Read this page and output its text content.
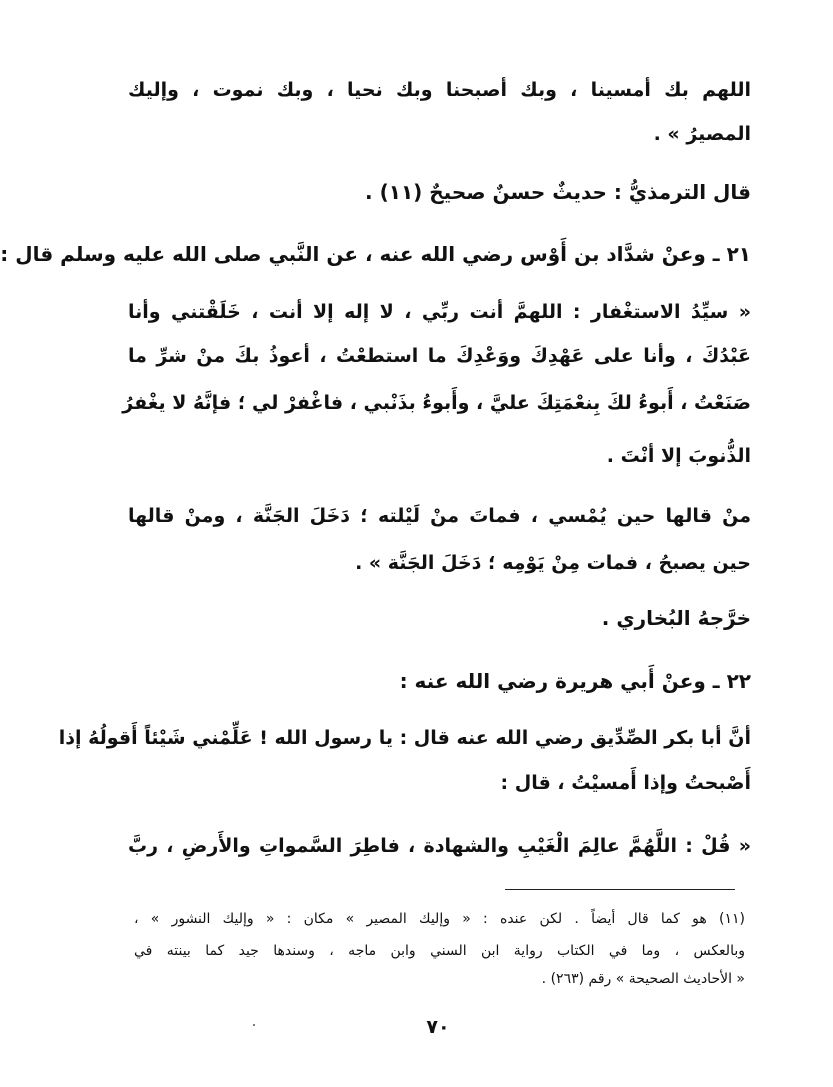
اللهم بك أمسينا ، وبك أصبحنا وبك نحيا ، وبك نموت ، وإليك
المصيرُ » .
قال الترمذيُّ : حديثٌ حسنٌ صحيحٌ (١١) .
٢١ ـ وعنْ شدَّاد بن أَوْس رضي الله عنه ، عن النَّبي صلى الله عليه وسلم قال :
« سيِّدُ الاستغْفار : اللهمَّ أنت ربِّي ، لا إله إلا أنت ، خَلَقْتني وأنا
عَبْدُكَ ، وأنا على عَهْدِكَ ووَعْدِكَ ما استطعْتُ ، أعوذُ بكَ منْ شرِّ ما
صَنَعْتُ ، أَبوءُ لكَ بِنعْمَتِكَ عليَّ ، وأَبوءُ بذَنْبي ، فاغْفرْ لي ؛ فإنَّهُ لا يغْفرُ
الذُّنوبَ إلا أنْتَ .
منْ قالها حين يُمْسي ، فماتَ منْ لَيْلته ؛ دَخَلَ الجَنَّة ، ومنْ قالها
حين يصبحُ ، فمات مِنْ يَوْمِه ؛ دَخَلَ الجَنَّة » .
خرَّجهُ البُخاري .
٢٢ ـ وعنْ أَبي هريرة رضي الله عنه :
أنَّ أبا بكر الصِّدِّيق رضي الله عنه قال : يا رسول الله ! عَلِّمْني شَيْئاً أَقولُهُ إذا
أَصْبحتُ وإذا أَمسيْتُ ، قال :
« قُلْ : اللَّهُمَّ عالِمَ الْغَيْبِ والشهادة ، فاطِرَ السَّمواتِ والأَرضِ ، ربَّ
(١١) هو كما قال أيضاً . لكن عنده : « وإليك المصير » مكان : « وإليك النشور » ،
وبالعكس ، وما في الكتاب رواية ابن السني وابن ماجه ، وسندها جيد كما بينته في
« الأحاديث الصحيحة » رقم (٢٦٣) .
٧٠
